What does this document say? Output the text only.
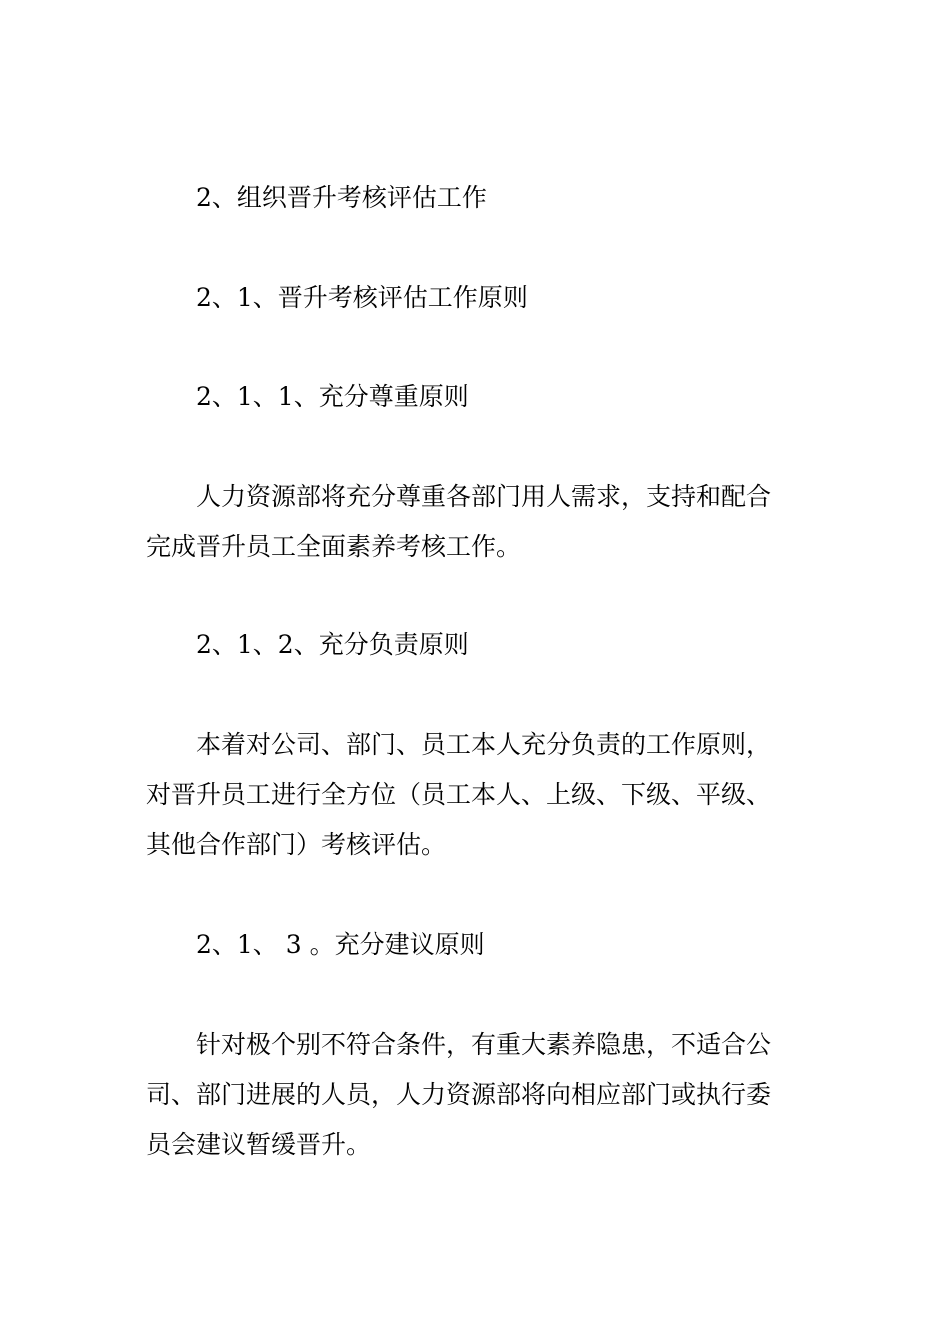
2、组织晋升考核评估工作

2、1、晋升考核评估工作原则

2、1、1、充分尊重原则

人力资源部将充分尊重各部门用人需求，支持和配合
完成晋升员工全面素养考核工作。

2、1、2、充分负责原则

本着对公司、部门、员工本人充分负责的工作原则，
对晋升员工进行全方位（员工本人、上级、下级、平级、
其他合作部门）考核评估。

2、1、 3 。充分建议原则

针对极个别不符合条件，有重大素养隐患，不适合公
司、部门进展的人员，人力资源部将向相应部门或执行委
员会建议暂缓晋升。
